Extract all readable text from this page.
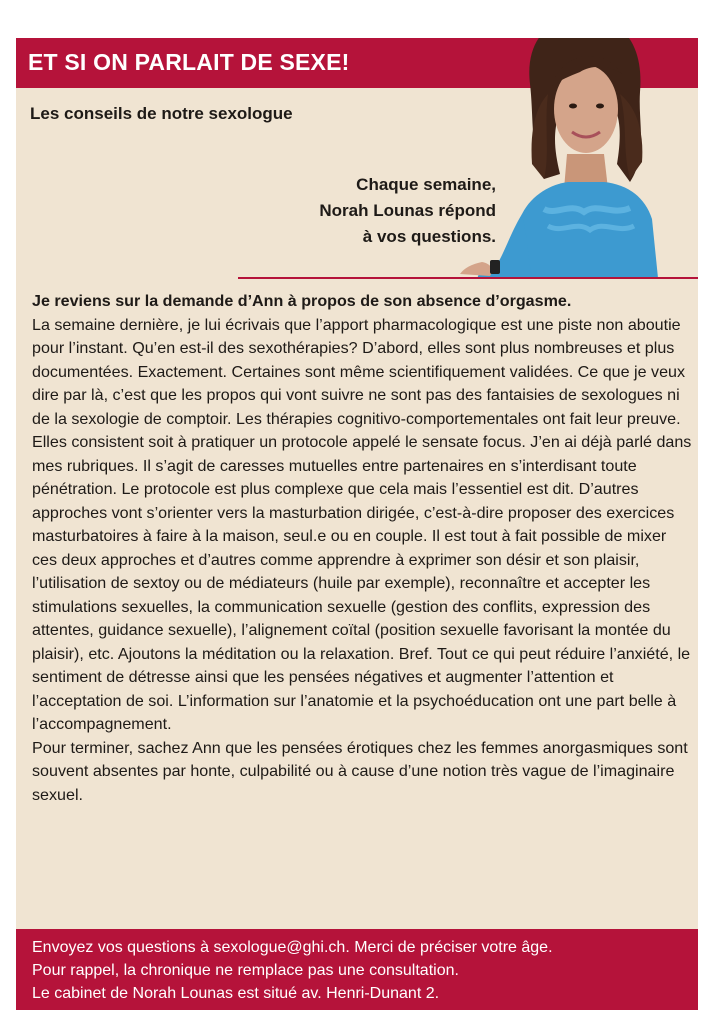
ET SI ON PARLAIT DE SEXE!
Les conseils de notre sexologue
Chaque semaine,
Norah Lounas répond
à vos questions.

Je reviens sur la demande d’Ann à propos de son absence d’orgasme.

La semaine dernière, je lui écrivais que l’apport pharmacologique est une piste non aboutie pour l’instant. Qu’en est-il des sexothérapies? D’abord, elles sont plus nombreuses et plus documentées. Exactement. Certaines sont même scientifiquement validées. Ce que je veux dire par là, c’est que les propos qui vont suivre ne sont pas des fantaisies de sexologues ni de la sexologie de comptoir. Les thérapies cognitivo-comportementales ont fait leur preuve. Elles consistent soit à pratiquer un protocole appelé le sensate focus. J’en ai déjà parlé dans mes rubriques. Il s’agit de caresses mutuelles entre partenaires en s’interdisant toute pénétration. Le protocole est plus complexe que cela mais l’essentiel est dit. D’autres approches vont s’orienter vers la masturbation dirigée, c’est-à-dire proposer des exercices masturbatoires à faire à la maison, seul.e ou en couple. Il est tout à fait possible de mixer ces deux approches et d’autres comme apprendre à exprimer son désir et son plaisir, l’utilisation de sextoy ou de médiateurs (huile par exemple), reconnaître et accepter les stimulations sexuelles, la communication sexuelle (gestion des conflits, expression des attentes, guidance sexuelle), l’alignement coïtal (position sexuelle favorisant la montée du plaisir), etc. Ajoutons la méditation ou la relaxation. Bref. Tout ce qui peut réduire l’anxiété, le sentiment de détresse ainsi que les pensées négatives et augmenter l’attention et l’acceptation de soi. L’information sur l’anatomie et la psychoéducation ont une part belle à l’accompagnement.

Pour terminer, sachez Ann que les pensées érotiques chez les femmes anorgasmiques sont souvent absentes par honte, culpabilité ou à cause d’une notion très vague de l’imaginaire sexuel.

Envoyez vos questions à sexologue@ghi.ch. Merci de préciser votre âge.
Pour rappel, la chronique ne remplace pas une consultation.
Le cabinet de Norah Lounas est situé av. Henri-Dunant 2.
